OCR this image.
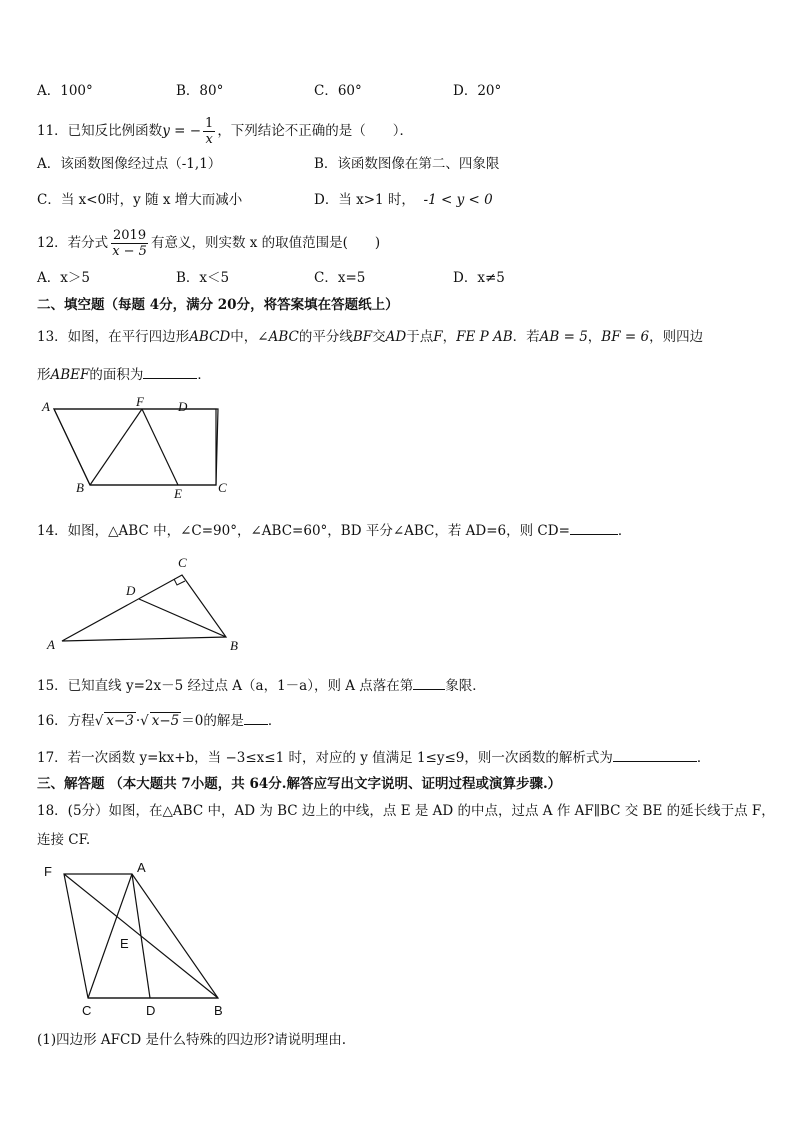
A．100°	B．80°	C．60°	D．20°
11．已知反比例函数y = − $\frac{1}{x}$ ，下列结论不正确的是（　　）．
A．该函数图像经过点（-1,1）	B．该函数图像在第二、四象限
C．当 x<0时，y 随 x 增大而减小	D．当 x>1 时， -1 < y < 0
12．若分式 $\frac{2019}{x - 5}$ 有意义，则实数 x 的取值范围是(　　)
A．x＞5	B．x＜5	C．x=5	D．x≠5
二、填空题（每题 4分，满分 20分，将答案填在答题纸上）
13．如图，在平行四边形ABCD中，∠ABC的平分线BF交AD于点F，FE P AB．若AB = 5，BF = 6，则四边
形ABEF的面积为	．
A	F	D
B	E	C
14．如图，△ABC 中，∠C=90°，∠ABC=60°，BD 平分∠ABC，若 AD=6，则 CD=	．
A
C
D
B
15．已知直线 y=2x－5 经过点 A（a，1－a），则 A 点落在第 象限．
16．方程√ x−3 ·√ x−5 ＝0的解是 ．
17．若一次函数 y=kx+b，当 −3≤x≤1 时，对应的 y 值满足 1≤y≤9，则一次函数的解析式为	．
三、解答题 （本大题共 7小题，共 64分.解答应写出文字说明、证明过程或演算步骤.）
18．(5分）如图，在△ABC 中，AD 为 BC 边上的中线，点 E 是 AD 的中点，过点 A 作 AF∥BC 交 BE 的延长线于点 F，
连接 CF.
F	A
E
C	D	B
(1)四边形 AFCD 是什么特殊的四边形?请说明理由.
